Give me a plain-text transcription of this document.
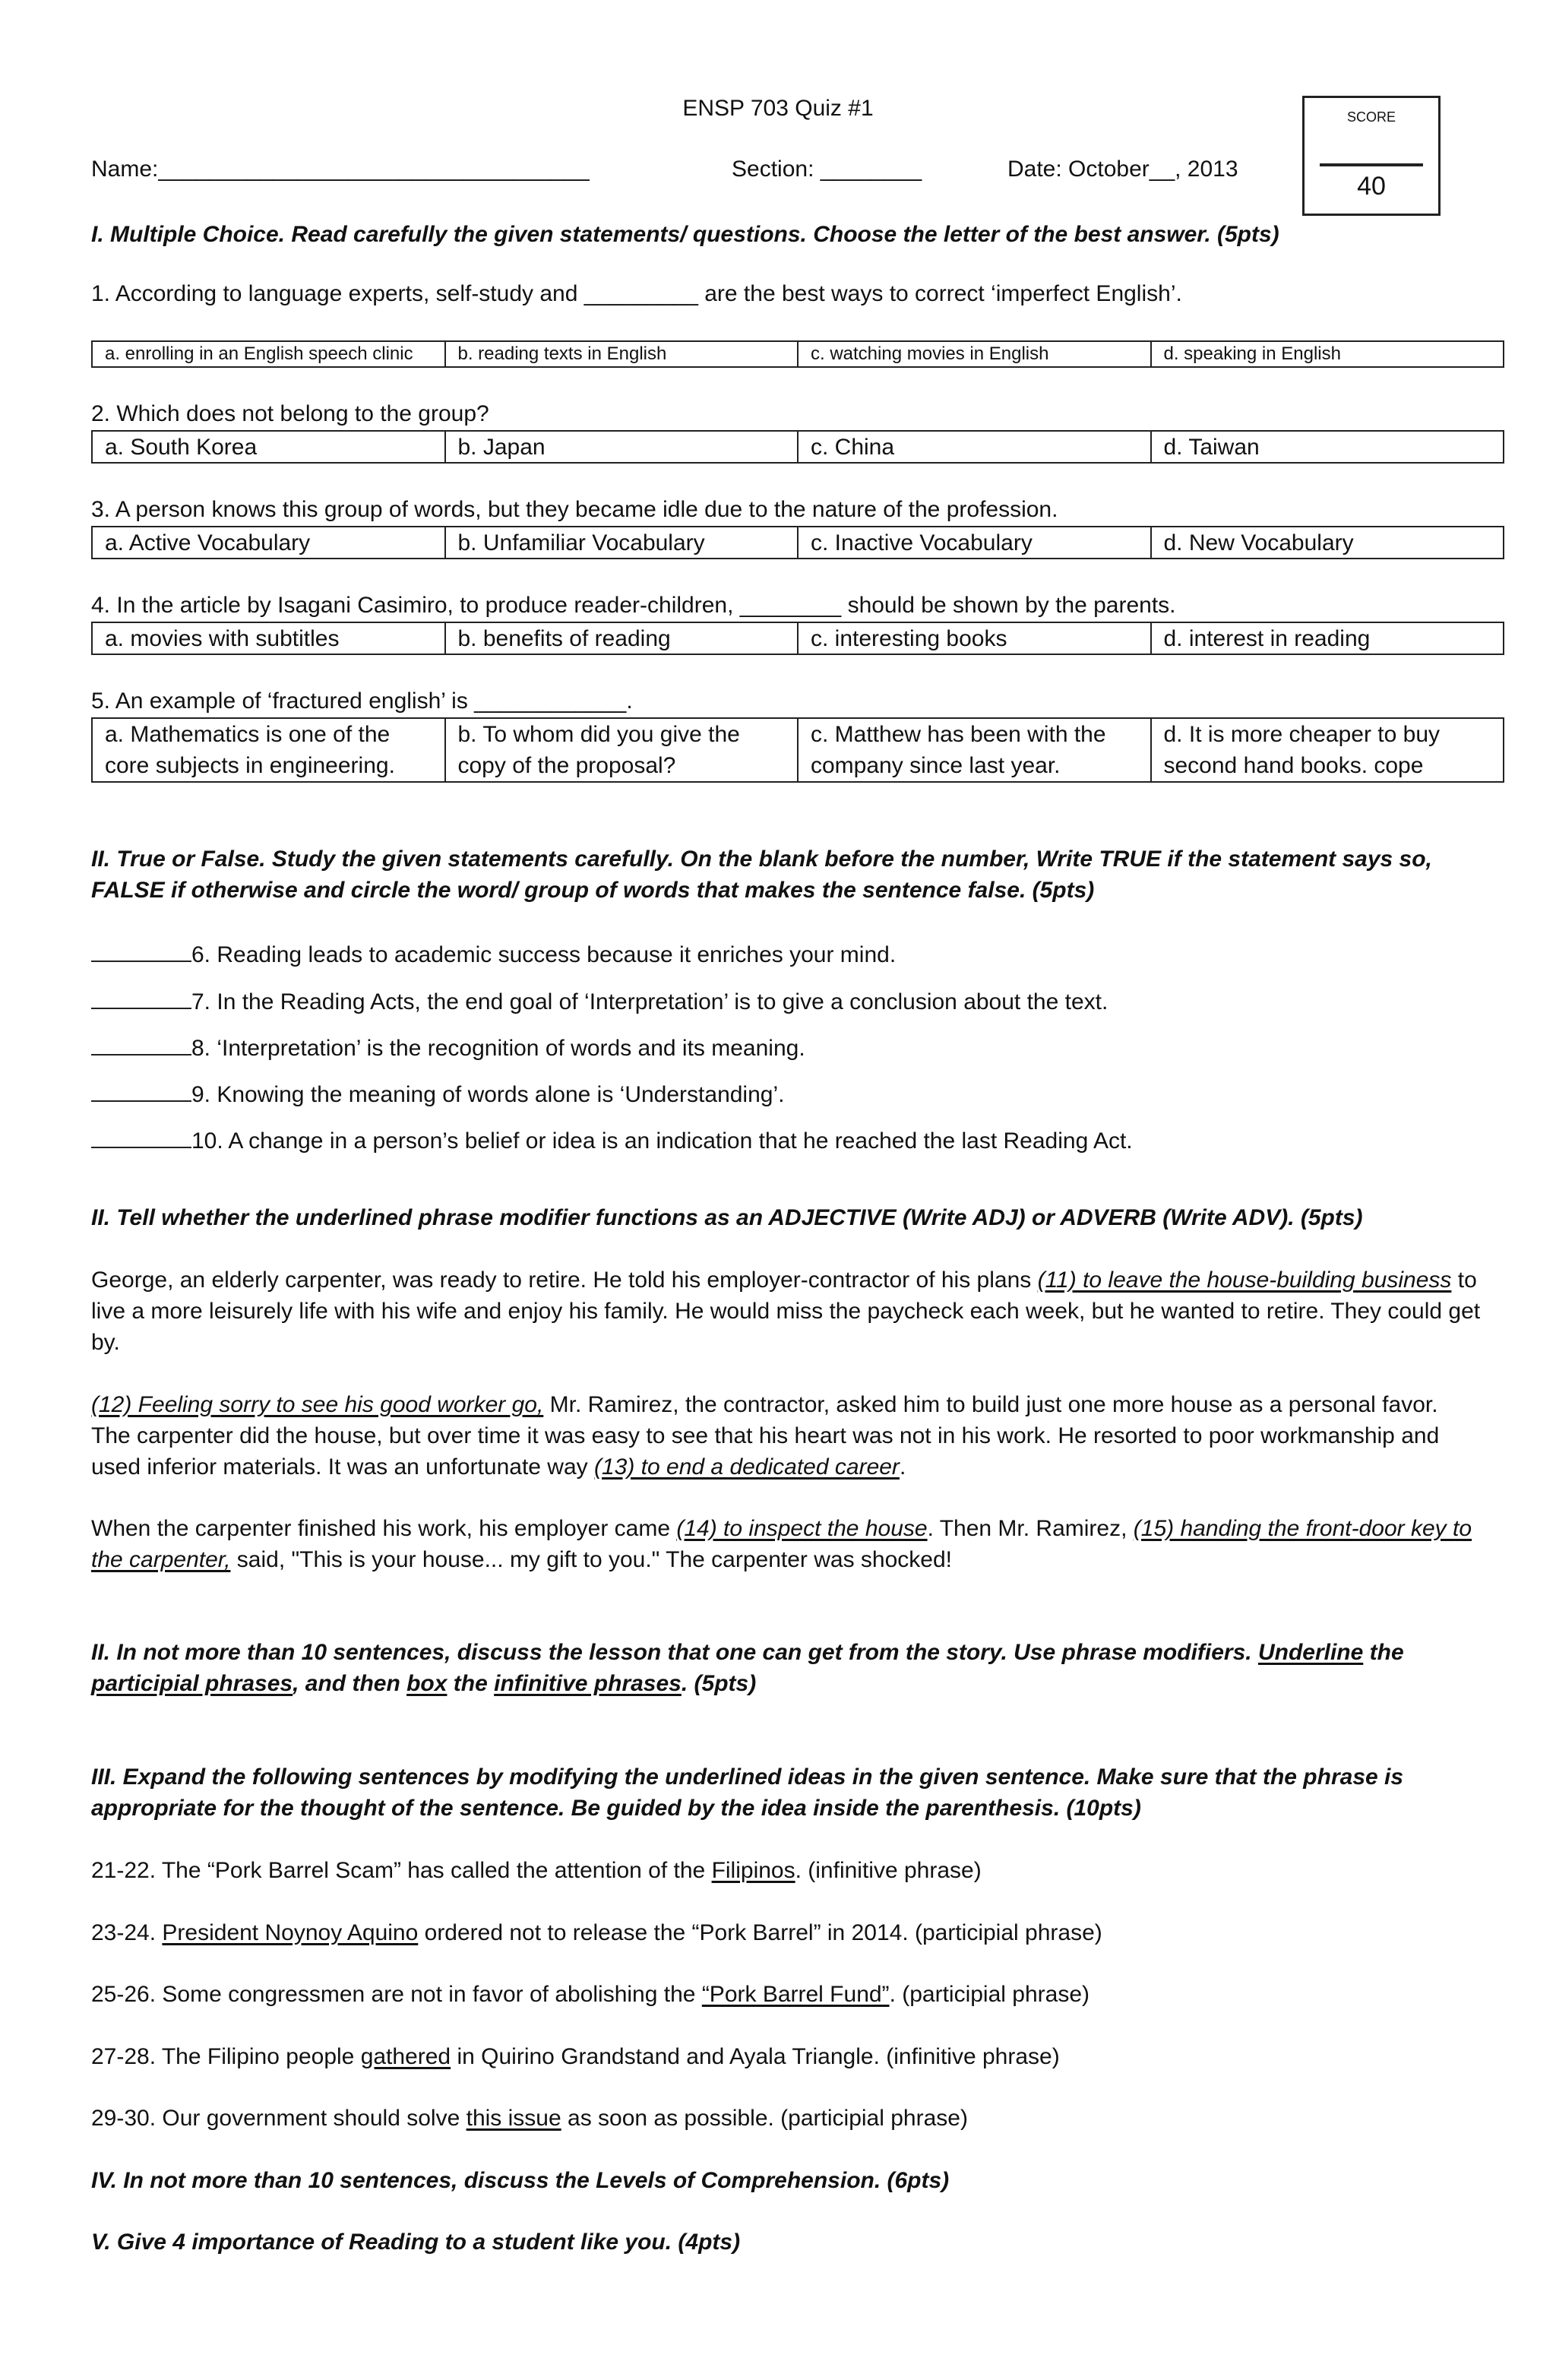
ENSP 703 Quiz #1
Name:__________________________________	Section: ________	Date: October__, 2013
SCORE
40
I. Multiple Choice. Read carefully the given statements/ questions. Choose the letter of the best answer. (5pts)
1. According to language experts, self-study and _________ are the best ways to correct ‘imperfect English’.
a. enrolling in an English speech clinic	b. reading texts in English	c. watching movies in English	d. speaking in English
2. Which does not belong to the group?
a. South Korea	b. Japan	c. China	d. Taiwan
3. A person knows this group of words, but they became idle due to the nature of the profession.
a. Active Vocabulary	b. Unfamiliar Vocabulary	c. Inactive Vocabulary	d. New Vocabulary
4. In the article by Isagani Casimiro, to produce reader-children, ________ should be shown by the parents.
a. movies with subtitles	b. benefits of reading	c. interesting books	d. interest in reading
5. An example of ‘fractured english’ is ____________.
a. Mathematics is one of the core subjects in engineering.
b. To whom did you give the copy of the proposal?
c. Matthew has been with the company since last year.
d. It is more cheaper to buy second hand books. cope
II. True or False. Study the given statements carefully. On the blank before the number, Write TRUE if the statement says so, FALSE if otherwise and circle the word/ group of words that makes the sentence false. (5pts)
6. Reading leads to academic success because it enriches your mind.
7. In the Reading Acts, the end goal of ‘Interpretation’ is to give a conclusion about the text.
8. ‘Interpretation’ is the recognition of words and its meaning.
9. Knowing the meaning of words alone is ‘Understanding’.
10. A change in a person’s belief or idea is an indication that he reached the last Reading Act.
II. Tell whether the underlined phrase modifier functions as an ADJECTIVE (Write ADJ) or ADVERB (Write ADV). (5pts)
George, an elderly carpenter, was ready to retire. He told his employer-contractor of his plans (11) to leave the house-building business to live a more leisurely life with his wife and enjoy his family. He would miss the paycheck each week, but he wanted to retire. They could get by.
(12) Feeling sorry to see his good worker go, Mr. Ramirez, the contractor, asked him to build just one more house as a personal favor. The carpenter did the house, but over time it was easy to see that his heart was not in his work. He resorted to poor workmanship and used inferior materials. It was an unfortunate way (13) to end a dedicated career.
When the carpenter finished his work, his employer came (14) to inspect the house. Then Mr. Ramirez, (15) handing the front-door key to the carpenter, said, "This is your house... my gift to you." The carpenter was shocked!
II. In not more than 10 sentences, discuss the lesson that one can get from the story. Use phrase modifiers. Underline the participial phrases, and then box the infinitive phrases. (5pts)
III. Expand the following sentences by modifying the underlined ideas in the given sentence. Make sure that the phrase is appropriate for the thought of the sentence. Be guided by the idea inside the parenthesis. (10pts)
21-22. The “Pork Barrel Scam” has called the attention of the Filipinos. (infinitive phrase)
23-24. President Noynoy Aquino ordered not to release the “Pork Barrel” in 2014. (participial phrase)
25-26. Some congressmen are not in favor of abolishing the “Pork Barrel Fund”. (participial phrase)
27-28. The Filipino people gathered in Quirino Grandstand and Ayala Triangle. (infinitive phrase)
29-30. Our government should solve this issue as soon as possible. (participial phrase)
IV. In not more than 10 sentences, discuss the Levels of Comprehension. (6pts)
V. Give 4 importance of Reading to a student like you. (4pts)
